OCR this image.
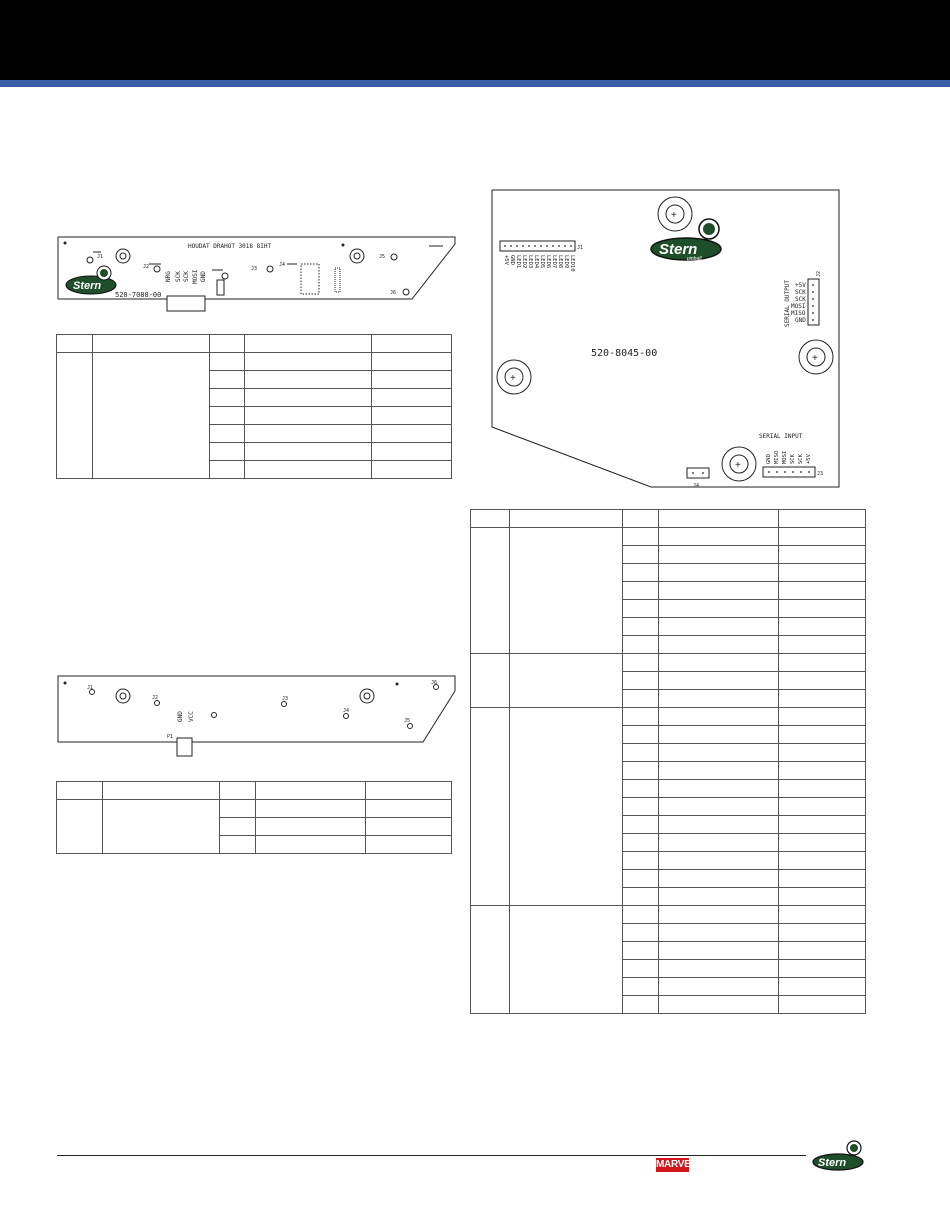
HOUDAT DRAHOT 3018 8IHT
520-7088-00
NRG SCK SCK MOSI GND
J1
J2	J3
J4
J5
J6
Stern

GND VCC
J1
J2	J3
J4
J5
J6
P1

+
+
+
+
J1
+5V GND LED1 LED2 LED3 LED4 LED5 LED6 LED7 LED8 LED9 LED10
J2
SERIAL OUTPUT +5V
SCK
SCK
MOSI
MISO
GND
520-8045-00
SERIAL INPUT
J3
GND MISO MOSI SCK SCK +5V
J4
Stern
pinball

MARVEL	Stern
